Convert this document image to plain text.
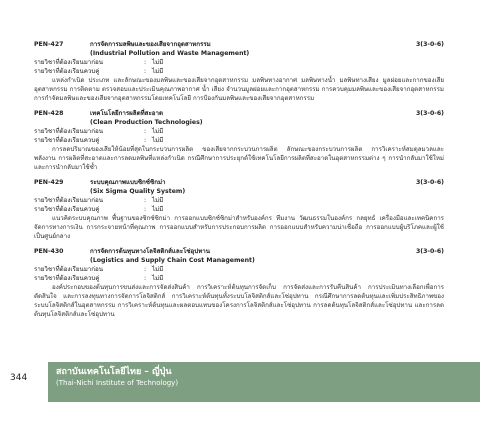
PEN-427	การจัดการมลพิษและของเสียจากอุตสาหกรรม	3(3-0-6)
(Industrial Pollution and Waste Management)
รายวิชาที่ต้องเรียนมาก่อน	: ไม่มี
รายวิชาที่ต้องเรียนควบคู่	: ไม่มี
แหล่งกำเนิด ประเภท และลักษณะของมลพิษและของเสียจากอุตสาหกรรม มลพิษทางอากาศ มลพิษทางน้ำ มลพิษทางเสียง มูลฝอยและกากของเสียอุตสาหกรรม การติดตาม ตรวจสอบและประเมินคุณภาพอากาศ น้ำ เสียง จำนวนมูลฝอยและกากอุตสาหกรรม การควบคุมมลพิษและของเสียจากอุตสาหกรรม การกำจัดมลพิษและของเสียจากอุตสาหกรรมโดยเทคโนโลยี การป้องกันมลพิษและของเสียจากอุตสาหกรรม
PEN-428	เทคโนโลยีการผลิตที่สะอาด	3(3-0-6)
(Clean Production Technologies)
รายวิชาที่ต้องเรียนมาก่อน	: ไม่มี
รายวิชาที่ต้องเรียนควบคู่	: ไม่มี
การลดปริมาณของเสียให้น้อยที่สุดในกระบวนการผลิต ของเสียจากกระบวนการผลิต ลักษณะของกระบวนการผลิต การวิเคราะห์สมดุลมวลและพลังงาน การผลิตที่สะอาดและการลดมลพิษที่แหล่งกำเนิด กรณีศึกษาการประยุกต์ใช้เทคโนโลยีการผลิตที่สะอาดในอุตสาหกรรมต่าง ๆ การนำกลับมาใช้ใหม่และการนำกลับมาใช้ซ้ำ
PEN-429	ระบบคุณภาพแบบซิกซ์ซิกม่า	3(3-0-6)
(Six Sigma Quality System)
รายวิชาที่ต้องเรียนมาก่อน	: ไม่มี
รายวิชาที่ต้องเรียนควบคู่	: ไม่มี
แนวคิดระบบคุณภาพ พื้นฐานของซิกซ์ซิกม่า การออกแบบซิกซ์ซิกม่าสำหรับองค์กร ทีมงาน วัฒนธรรมในองค์กร กลยุทธ์ เครื่องมือและเทคนิคการจัดการทางการเงิน การกระจายหน้าที่คุณภาพ การออกแบบสำหรับการประกอบการผลิต การออกแบบสำหรับความน่าเชื่อถือ การออกแบบผู้บริโภคและผู้ใช้เป็นศูนย์กลาง
PEN-430	การจัดการต้นทุนทางโลจิสติกส์และโซ่อุปทาน	3(3-0-6)
(Logistics and Supply Chain Cost Management)
รายวิชาที่ต้องเรียนมาก่อน	: ไม่มี
รายวิชาที่ต้องเรียนควบคู่	: ไม่มี
องค์ประกอบของต้นทุนการขนส่งและการจัดส่งสินค้า การวิเคราะห์ต้นทุนการจัดเก็บ การจัดส่งและการรับคืนสินค้า การประเมินทางเลือกเพื่อการตัดสินใจ และการลงทุนทางการจัดการโลจิสติกส์ การวิเคราะห์ต้นทุนทั้งระบบโลจิสติกส์และโซ่อุปทาน กรณีศึกษาการลดต้นทุนและเพิ่มประสิทธิภาพของระบบโลจิสติกส์ในอุตสาหกรรม การวิเคราะห์ต้นทุนและผลตอบแทนของโครงการโลจิสติกส์และโซ่อุปทาน การลดต้นทุนโลจิสติกส์และโซ่อุปทาน และการลดต้นทุนโลจิสติกส์และโซ่อุปทาน
344
สถาบันเทคโนโลยีไทย – ญี่ปุ่น
(Thai-Nichi Institute of Technology)
